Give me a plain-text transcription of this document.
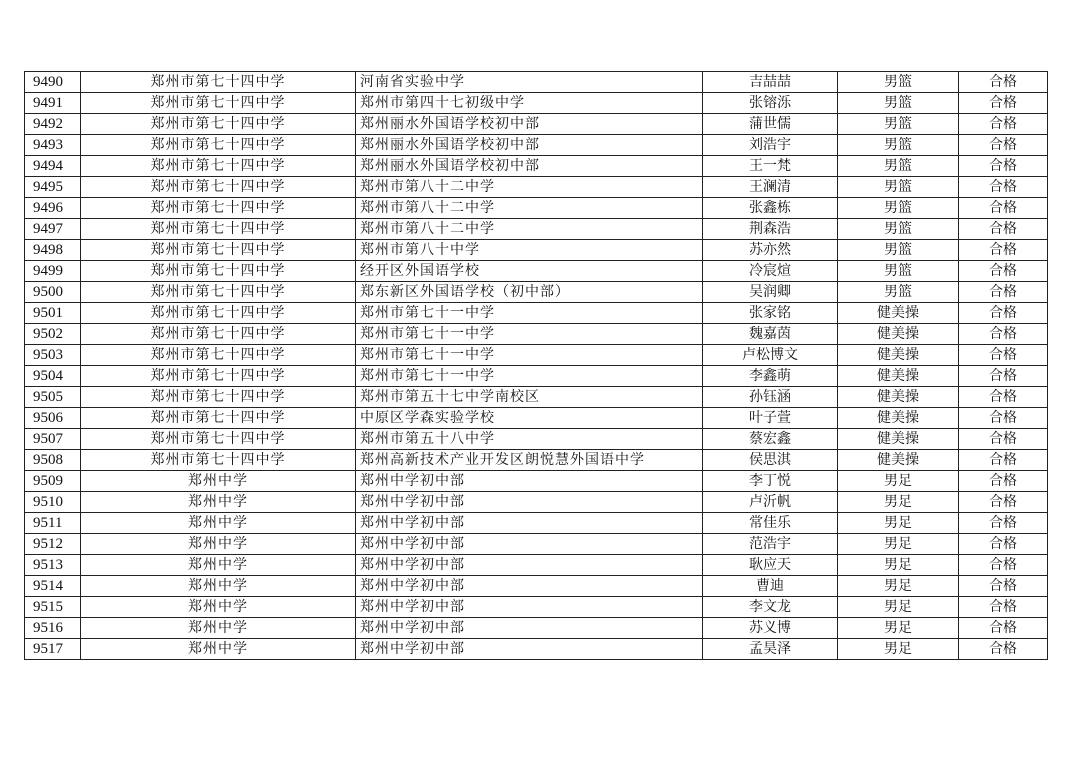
9490	郑州市第七十四中学	河南省实验中学	吉喆喆	男篮	合格
9491	郑州市第七十四中学	郑州市第四十七初级中学	张镕泺	男篮	合格
9492	郑州市第七十四中学	郑州丽水外国语学校初中部	蒲世儒	男篮	合格
9493	郑州市第七十四中学	郑州丽水外国语学校初中部	刘浩宇	男篮	合格
9494	郑州市第七十四中学	郑州丽水外国语学校初中部	王一梵	男篮	合格
9495	郑州市第七十四中学	郑州市第八十二中学	王澜清	男篮	合格
9496	郑州市第七十四中学	郑州市第八十二中学	张鑫栋	男篮	合格
9497	郑州市第七十四中学	郑州市第八十二中学	荆森浩	男篮	合格
9498	郑州市第七十四中学	郑州市第八十中学	苏亦然	男篮	合格
9499	郑州市第七十四中学	经开区外国语学校	冷宸煊	男篮	合格
9500	郑州市第七十四中学	郑东新区外国语学校（初中部）	吴润卿	男篮	合格
9501	郑州市第七十四中学	郑州市第七十一中学	张家铭	健美操	合格
9502	郑州市第七十四中学	郑州市第七十一中学	魏嘉茵	健美操	合格
9503	郑州市第七十四中学	郑州市第七十一中学	卢松博文	健美操	合格
9504	郑州市第七十四中学	郑州市第七十一中学	李鑫萌	健美操	合格
9505	郑州市第七十四中学	郑州市第五十七中学南校区	孙钰涵	健美操	合格
9506	郑州市第七十四中学	中原区学森实验学校	叶子萱	健美操	合格
9507	郑州市第七十四中学	郑州市第五十八中学	蔡宏鑫	健美操	合格
9508	郑州市第七十四中学	郑州高新技术产业开发区朗悦慧外国语中学	侯思淇	健美操	合格
9509	郑州中学	郑州中学初中部	李丁悦	男足	合格
9510	郑州中学	郑州中学初中部	卢沂帆	男足	合格
9511	郑州中学	郑州中学初中部	常佳乐	男足	合格
9512	郑州中学	郑州中学初中部	范浩宇	男足	合格
9513	郑州中学	郑州中学初中部	耿应天	男足	合格
9514	郑州中学	郑州中学初中部	曹迪	男足	合格
9515	郑州中学	郑州中学初中部	李文龙	男足	合格
9516	郑州中学	郑州中学初中部	苏义博	男足	合格
9517	郑州中学	郑州中学初中部	孟昊泽	男足	合格
